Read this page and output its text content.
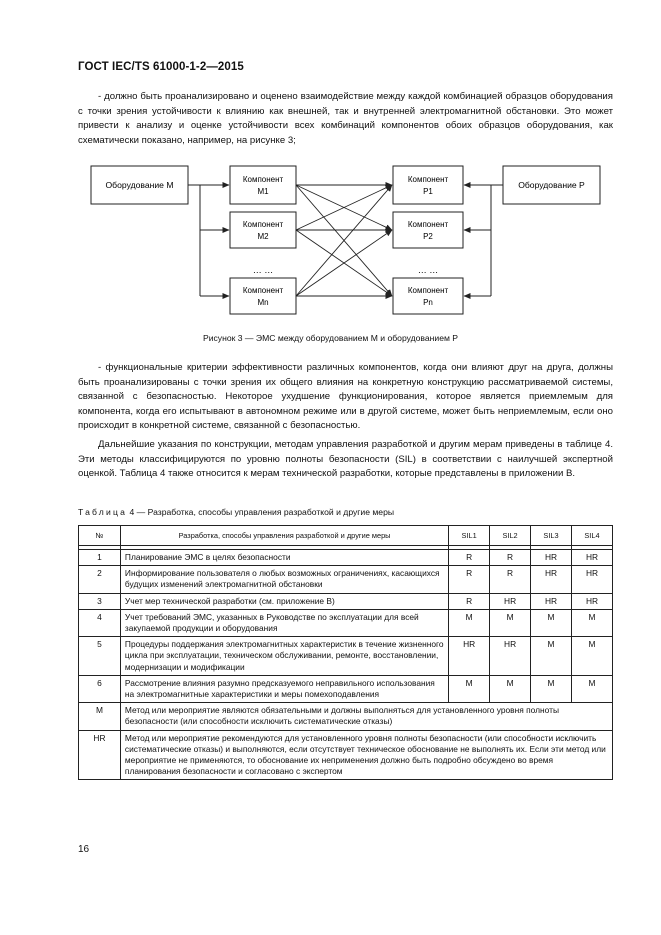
ГОСТ IEC/TS 61000-1-2—2015
- должно быть проанализировано и оценено взаимодействие между каждой комбинацией образцов оборудования с точки зрения устойчивости к влиянию как внешней, так и внутренней электромагнитной обстановки. Это может привести к анализу и оценке устойчивости всех комбинаций компонентов обоих образцов оборудования, как схематически показано, например, на рисунке 3;
Оборудование M	Оборудование P
Компонент
M1
Компонент
M2
… …
Компонент
Mn
Компонент
P1
Компонент
P2
… …
Компонент
Pn
Рисунок 3 — ЭМС между оборудованием M и оборудованием P
- функциональные критерии эффективности различных компонентов, когда они влияют друг на друга, должны быть проанализированы с точки зрения их общего влияния на конкретную конструкцию рассматриваемой системы, связанной с безопасностью. Некоторое ухудшение функционирования, которое является приемлемым для компонента, когда его испытывают в автономном режиме или в другой системе, может быть неприемлемым, если оно происходит в конкретной системе, связанной с безопасностью.
Дальнейшие указания по конструкции, методам управления разработкой и другим мерам приведены в таблице 4. Эти методы классифицируются по уровню полноты безопасности (SIL) в соответствии с наилучшей экспертной оценкой. Таблица 4 также относится к мерам технической разработки, которые представлены в приложении B.
Таблица 4 — Разработка, способы управления разработкой и другие меры
№	Разработка, способы управления разработкой и другие меры	SIL1	SIL2	SIL3	SIL4

1	Планирование ЭМС в целях безопасности	R	R	HR	HR
2	Информирование пользователя о любых возможных ограничениях, касающихся будущих изменений электромагнитной обстановки	R	R	HR	HR
3	Учет мер технической разработки (см. приложение B)	R	HR	HR	HR
4	Учет требований ЭМС, указанных в Руководстве по эксплуатации для всей закупаемой продукции и оборудования	M	M	M	M
5	Процедуры поддержания электромагнитных характеристик в течение жизненного цикла при эксплуатации, техническом обслуживании, ремонте, восстановлении, модернизации и модификации	HR	HR	M	M
6	Рассмотрение влияния разумно предсказуемого неправильного использования на электромагнитные характеристики и меры помехоподавления	M	M	M	M
M	Метод или мероприятие являются обязательными и должны выполняться для установленного уровня полноты безопасности (или способности исключить систематические отказы)				
HR	Метод или мероприятие рекомендуются для установленного уровня полноты безопасности (или способности исключить систематические отказы) и выполняются, если отсутствует техническое обоснование не выполнять их. Если эти метод или мероприятие не применяются, то обоснование их неприменения должно быть подробно обсуждено во время планирования безопасности и согласовано с экспертом				
16
